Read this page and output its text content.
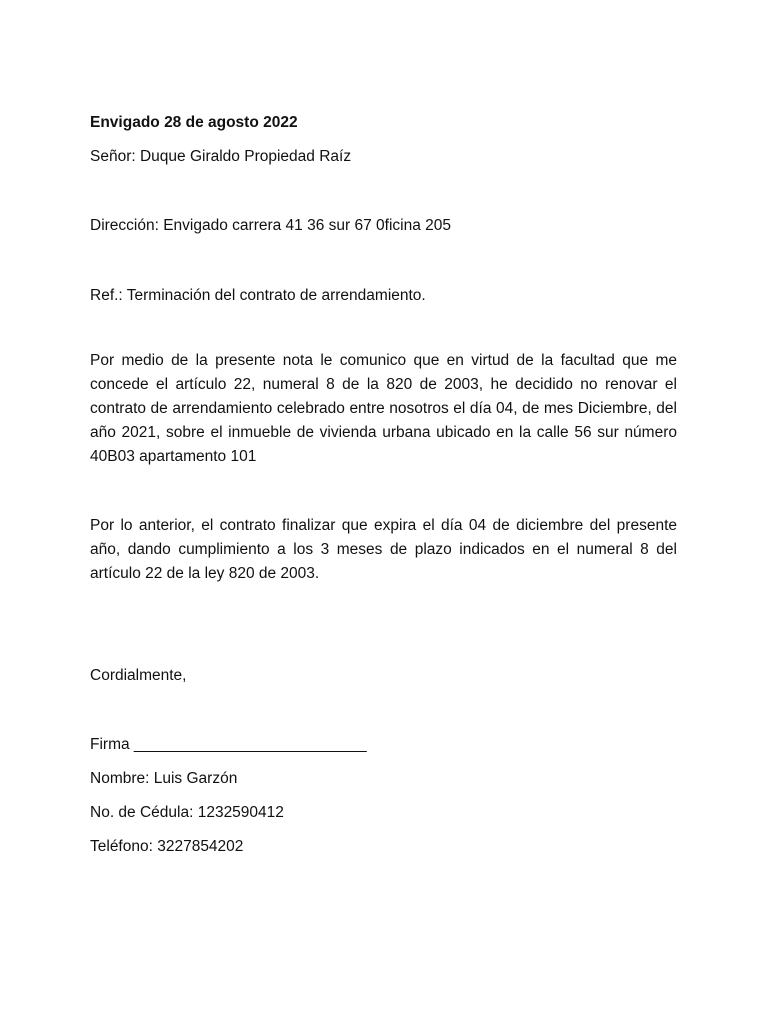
Envigado 28 de agosto 2022
Señor: Duque Giraldo Propiedad Raíz
Dirección: Envigado carrera 41 36 sur 67 0ficina 205
Ref.: Terminación del contrato de arrendamiento.

Por medio de la presente nota le comunico que en virtud de la facultad que me concede el artículo 22, numeral 8 de la 820 de 2003, he decidido no renovar el contrato de arrendamiento celebrado entre nosotros el día 04, de mes Diciembre, del año 2021, sobre el inmueble de vivienda urbana ubicado en la calle 56 sur número 40B03 apartamento 101

Por lo anterior, el contrato finalizar que expira el día 04 de diciembre del presente año, dando cumplimiento a los 3 meses de plazo indicados en el numeral 8 del artículo 22 de la ley 820 de 2003.

Cordialmente,
Firma ___________________________
Nombre: Luis Garzón
No. de Cédula: 1232590412
Teléfono: 3227854202
